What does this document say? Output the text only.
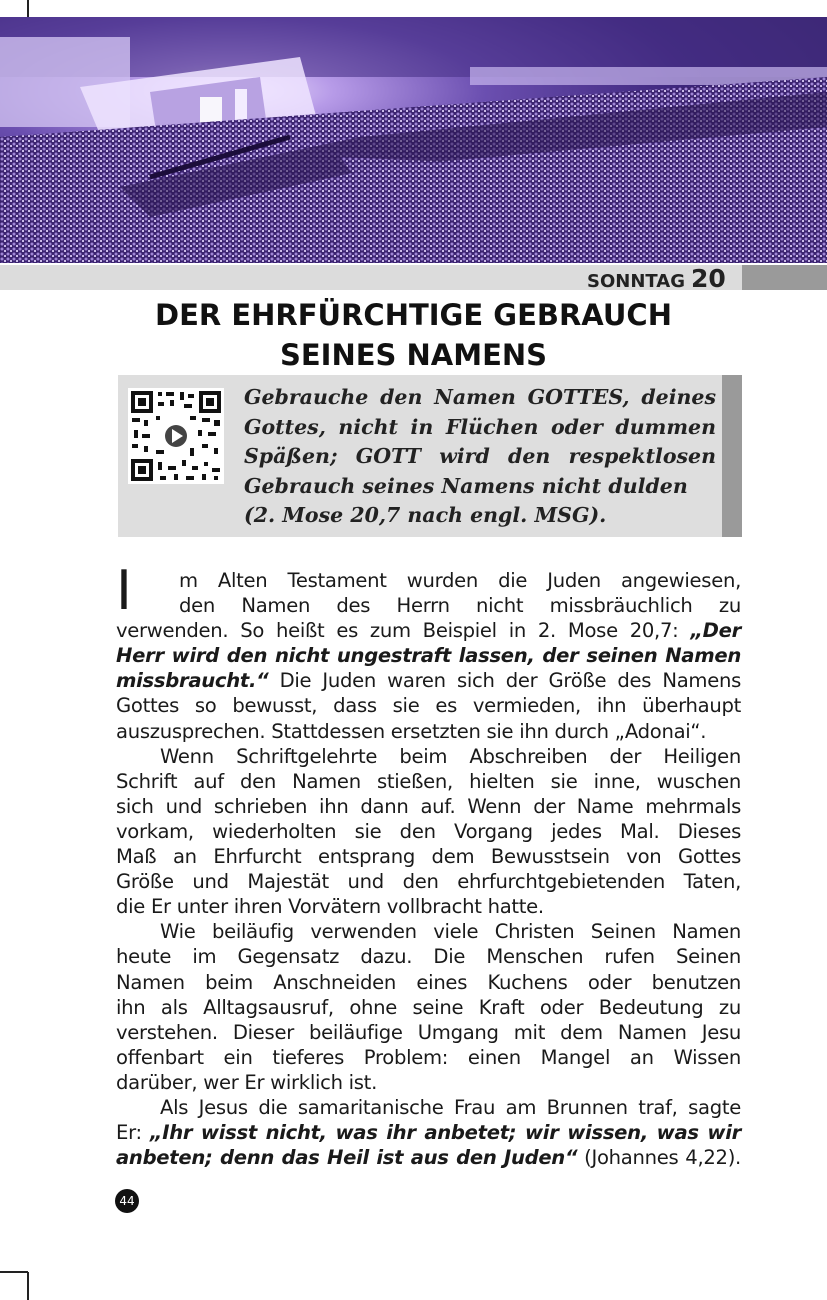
SONNTAG 20
DER EHRFÜRCHTIGE GEBRAUCH
SEINES NAMENS
Gebrauche den Namen GOTTES, deines
Gottes, nicht in Flüchen oder dummen
Späßen; GOTT wird den respektlosen
Gebrauch seines Namens nicht dulden
(2. Mose 20,7 nach engl. MSG).
I	m Alten Testament wurden die Juden angewiesen,
den Namen des Herrn nicht missbräuchlich zu
verwenden. So heißt es zum Beispiel in 2. Mose 20,7: „Der
Herr wird den nicht ungestraft lassen, der seinen Namen
missbraucht.“ Die Juden waren sich der Größe des Namens
Gottes so bewusst, dass sie es vermieden, ihn überhaupt
auszusprechen. Stattdessen ersetzten sie ihn durch „Adonai“.
Wenn Schriftgelehrte beim Abschreiben der Heiligen
Schrift auf den Namen stießen, hielten sie inne, wuschen
sich und schrieben ihn dann auf. Wenn der Name mehrmals
vorkam, wiederholten sie den Vorgang jedes Mal. Dieses
Maß an Ehrfurcht entsprang dem Bewusstsein von Gottes
Größe und Majestät und den ehrfurchtgebietenden Taten,
die Er unter ihren Vorvätern vollbracht hatte.
Wie beiläufig verwenden viele Christen Seinen Namen
heute im Gegensatz dazu. Die Menschen rufen Seinen
Namen beim Anschneiden eines Kuchens oder benutzen
ihn als Alltagsausruf, ohne seine Kraft oder Bedeutung zu
verstehen. Dieser beiläufige Umgang mit dem Namen Jesu
offenbart ein tieferes Problem: einen Mangel an Wissen
darüber, wer Er wirklich ist.
Als Jesus die samaritanische Frau am Brunnen traf, sagte
Er: „Ihr wisst nicht, was ihr anbetet; wir wissen, was wir
anbeten; denn das Heil ist aus den Juden“ (Johannes 4,22).
44
